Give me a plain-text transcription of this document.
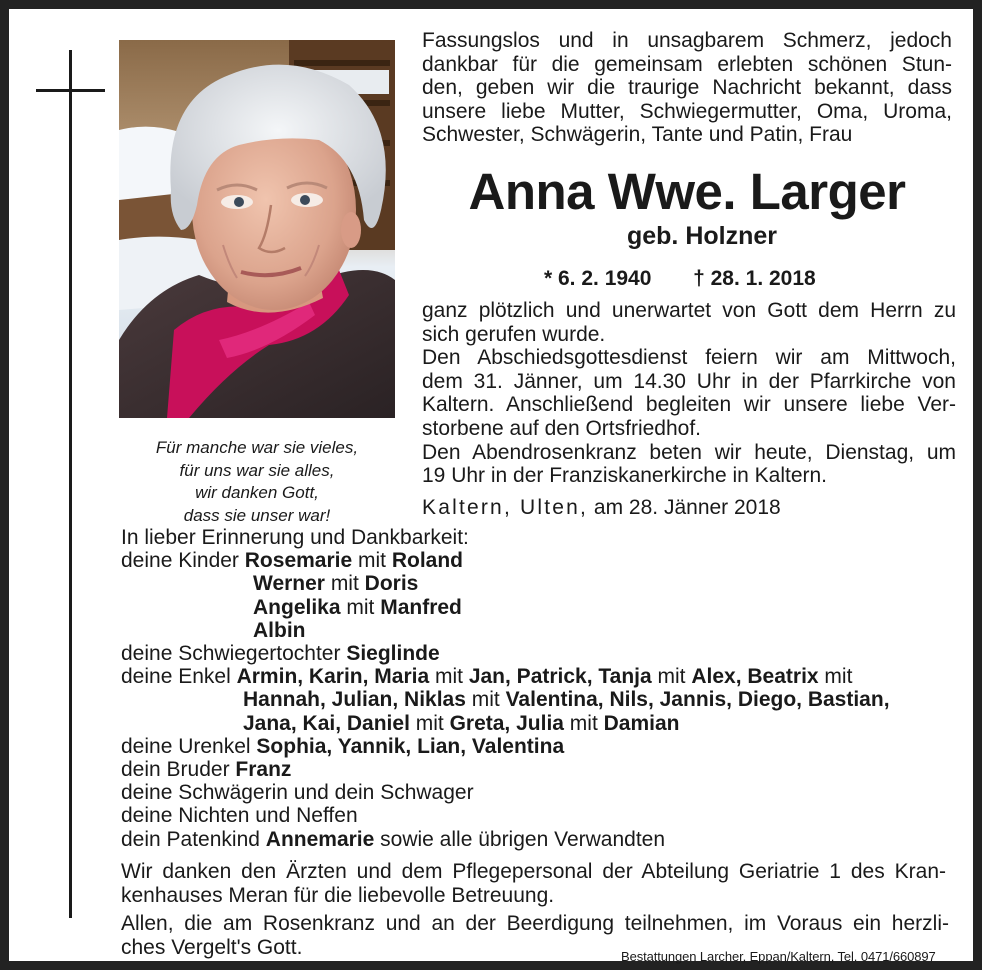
Für manche war sie vieles,
für uns war sie alles,
wir danken Gott,
dass sie unser war!
Fassungslos und in unsagbarem Schmerz, jedoch
dankbar für die gemeinsam erlebten schönen Stun-
den, geben wir die traurige Nachricht bekannt, dass
unsere liebe Mutter, Schwiegermutter, Oma, Uroma,
Schwester, Schwägerin, Tante und Patin, Frau
Anna Wwe. Larger
geb. Holzner
* 6. 2. 1940 † 28. 1. 2018
ganz plötzlich und unerwartet von Gott dem Herrn zu
sich gerufen wurde.
Den Abschiedsgottesdienst feiern wir am Mittwoch,
dem 31. Jänner, um 14.30 Uhr in der Pfarrkirche von
Kaltern. Anschließend begleiten wir unsere liebe Ver-
storbene auf den Ortsfriedhof.
Den Abendrosenkranz beten wir heute, Dienstag, um
19 Uhr in der Franziskanerkirche in Kaltern.
Kaltern, Ulten, am 28. Jänner 2018
In lieber Erinnerung und Dankbarkeit:
deine Kinder Rosemarie mit Roland
Werner mit Doris
Angelika mit Manfred
Albin
deine Schwiegertochter Sieglinde
deine Enkel Armin, Karin, Maria mit Jan, Patrick, Tanja mit Alex, Beatrix mit
Hannah, Julian, Niklas mit Valentina, Nils, Jannis, Diego, Bastian,
Jana, Kai, Daniel mit Greta, Julia mit Damian
deine Urenkel Sophia, Yannik, Lian, Valentina
dein Bruder Franz
deine Schwägerin und dein Schwager
deine Nichten und Neffen
dein Patenkind Annemarie sowie alle übrigen Verwandten
Wir danken den Ärzten und dem Pflegepersonal der Abteilung Geriatrie 1 des Kran-
kenhauses Meran für die liebevolle Betreuung.
Allen, die am Rosenkranz und an der Beerdigung teilnehmen, im Voraus ein herzli-
ches Vergelt's Gott.	Bestattungen Larcher, Eppan/Kaltern, Tel. 0471/660897
